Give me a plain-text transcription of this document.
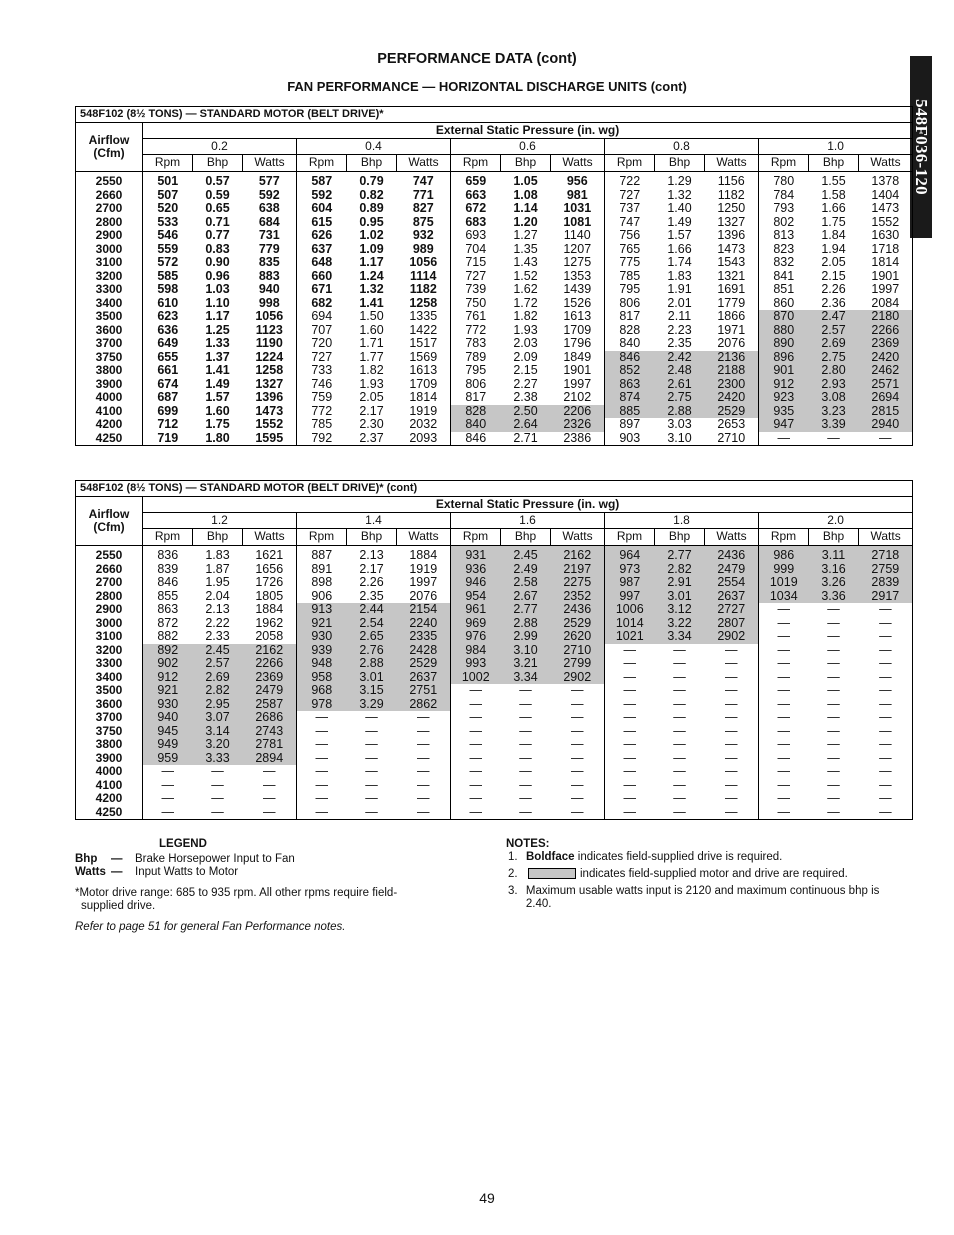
PERFORMANCE DATA (cont)
FAN PERFORMANCE — HORIZONTAL DISCHARGE UNITS (cont)
548F036-120
548F102 (8½ TONS) — STANDARD MOTOR (BELT DRIVE)*															

Airflow
(Cfm)	External Static Pressure (in. wg)														
	0.2			0.4			0.6			0.8			1.0		
	Rpm	Bhp	Watts	Rpm	Bhp	Watts	Rpm	Bhp	Watts	Rpm	Bhp	Watts	Rpm	Bhp	Watts
2550	501	0.57	577	587	0.79	747	659	1.05	956	722	1.29	1156	780	1.55	1378
2660	507	0.59	592	592	0.82	771	663	1.08	981	727	1.32	1182	784	1.58	1404
2700	520	0.65	638	604	0.89	827	672	1.14	1031	737	1.40	1250	793	1.66	1473
2800	533	0.71	684	615	0.95	875	683	1.20	1081	747	1.49	1327	802	1.75	1552
2900	546	0.77	731	626	1.02	932	693	1.27	1140	756	1.57	1396	813	1.84	1630
3000	559	0.83	779	637	1.09	989	704	1.35	1207	765	1.66	1473	823	1.94	1718
3100	572	0.90	835	648	1.17	1056	715	1.43	1275	775	1.74	1543	832	2.05	1814
3200	585	0.96	883	660	1.24	1114	727	1.52	1353	785	1.83	1321	841	2.15	1901
3300	598	1.03	940	671	1.32	1182	739	1.62	1439	795	1.91	1691	851	2.26	1997
3400	610	1.10	998	682	1.41	1258	750	1.72	1526	806	2.01	1779	860	2.36	2084
3500	623	1.17	1056	694	1.50	1335	761	1.82	1613	817	2.11	1866	870	2.47	2180
3600	636	1.25	1123	707	1.60	1422	772	1.93	1709	828	2.23	1971	880	2.57	2266
3700	649	1.33	1190	720	1.71	1517	783	2.03	1796	840	2.35	2076	890	2.69	2369
3750	655	1.37	1224	727	1.77	1569	789	2.09	1849	846	2.42	2136	896	2.75	2420
3800	661	1.41	1258	733	1.82	1613	795	2.15	1901	852	2.48	2188	901	2.80	2462
3900	674	1.49	1327	746	1.93	1709	806	2.27	1997	863	2.61	2300	912	2.93	2571
4000	687	1.57	1396	759	2.05	1814	817	2.38	2102	874	2.75	2420	923	3.08	2694
4100	699	1.60	1473	772	2.17	1919	828	2.50	2206	885	2.88	2529	935	3.23	2815
4200	712	1.75	1552	785	2.30	2032	840	2.64	2326	897	3.03	2653	947	3.39	2940
4250	719	1.80	1595	792	2.37	2093	846	2.71	2386	903	3.10	2710	—	—	—
548F102 (8½ TONS) — STANDARD MOTOR (BELT DRIVE)* (cont)															

Airflow
(Cfm)	External Static Pressure (in. wg)														
	1.2			1.4			1.6			1.8			2.0		
	Rpm	Bhp	Watts	Rpm	Bhp	Watts	Rpm	Bhp	Watts	Rpm	Bhp	Watts	Rpm	Bhp	Watts
2550	836	1.83	1621	887	2.13	1884	931	2.45	2162	964	2.77	2436	986	3.11	2718
2660	839	1.87	1656	891	2.17	1919	936	2.49	2197	973	2.82	2479	999	3.16	2759
2700	846	1.95	1726	898	2.26	1997	946	2.58	2275	987	2.91	2554	1019	3.26	2839
2800	855	2.04	1805	906	2.35	2076	954	2.67	2352	997	3.01	2637	1034	3.36	2917
2900	863	2.13	1884	913	2.44	2154	961	2.77	2436	1006	3.12	2727	—	—	—
3000	872	2.22	1962	921	2.54	2240	969	2.88	2529	1014	3.22	2807	—	—	—
3100	882	2.33	2058	930	2.65	2335	976	2.99	2620	1021	3.34	2902	—	—	—
3200	892	2.45	2162	939	2.76	2428	984	3.10	2710	—	—	—	—	—	—
3300	902	2.57	2266	948	2.88	2529	993	3.21	2799	—	—	—	—	—	—
3400	912	2.69	2369	958	3.01	2637	1002	3.34	2902	—	—	—	—	—	—
3500	921	2.82	2479	968	3.15	2751	—	—	—	—	—	—	—	—	—
3600	930	2.95	2587	978	3.29	2862	—	—	—	—	—	—	—	—	—
3700	940	3.07	2686	—	—	—	—	—	—	—	—	—	—	—	—
3750	945	3.14	2743	—	—	—	—	—	—	—	—	—	—	—	—
3800	949	3.20	2781	—	—	—	—	—	—	—	—	—	—	—	—
3900	959	3.33	2894	—	—	—	—	—	—	—	—	—	—	—	—
4000	—	—	—	—	—	—	—	—	—	—	—	—	—	—	—
4100	—	—	—	—	—	—	—	—	—	—	—	—	—	—	—
4200	—	—	—	—	—	—	—	—	—	—	—	—	—	—	—
4250	—	—	—	—	—	—	—	—	—	—	—	—	—	—	—
LEGEND
Bhp	—	Brake Horsepower Input to Fan
Watts —	Input Watts to Motor
*Motor drive range: 685 to 935 rpm. All other rpms require field-
supplied drive.
Refer to page 51 for general Fan Performance notes.
NOTES:
1. Boldface indicates field-supplied drive is required.
2.	indicates field-supplied motor and drive are required.
3. Maximum usable watts input is 2120 and maximum continuous bhp is 2.40.
49
